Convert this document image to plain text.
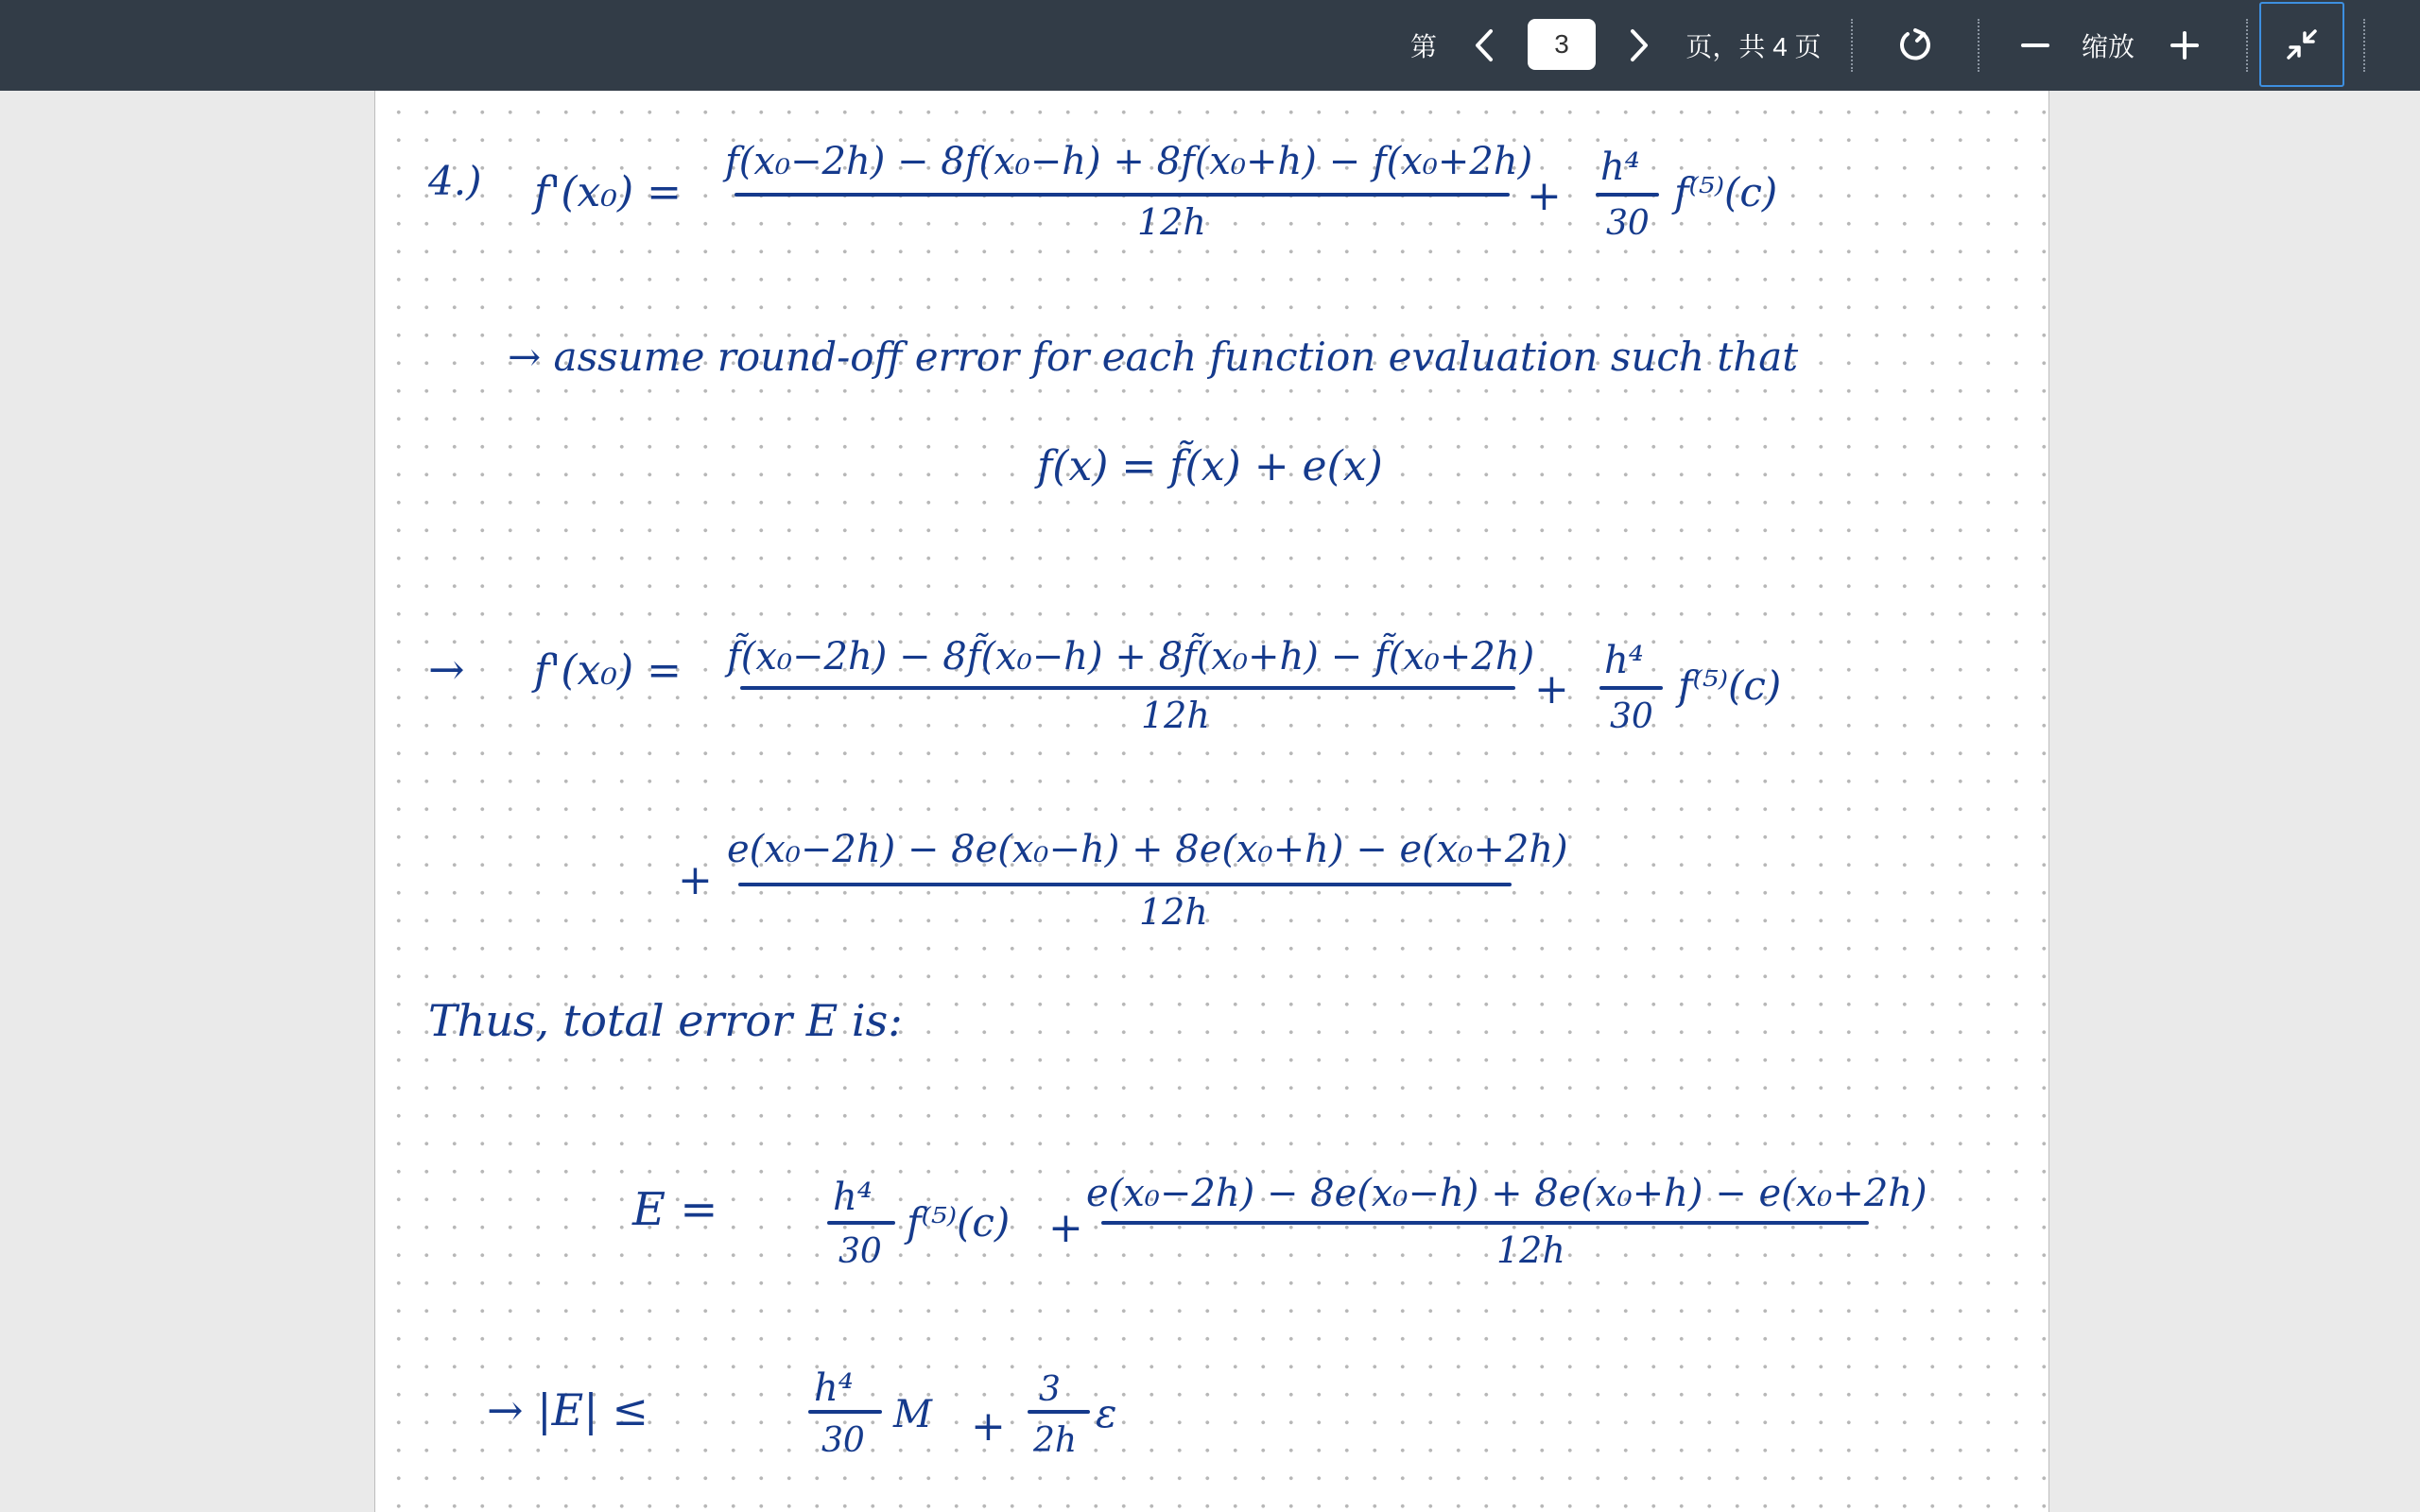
第
3	页，共 4 页	缩放
4.) f'(x₀) =
f(x₀−2h) − 8f(x₀−h) + 8f(x₀+h) − f(x₀+2h)
12h
+
h⁴
30
f⁽⁵⁾(c)
→ assume round-off error for each function evaluation such that
f(x) = f̃(x) + e(x)
→ f'(x₀) = f̃(x₀−2h) − 8f̃(x₀−h) + 8f̃(x₀+h) − f̃(x₀+2h)
12h
+
h⁴
30
f⁽⁵⁾(c)
+
e(x₀−2h) − 8e(x₀−h) + 8e(x₀+h) − e(x₀+2h)
12h
Thus, total error E is:
E =	h⁴
30
f⁽⁵⁾(c) +
e(x₀−2h) − 8e(x₀−h) + 8e(x₀+h) − e(x₀+2h)
12h
→ |E| ≤	h⁴
30
M +
3
2h
ε
